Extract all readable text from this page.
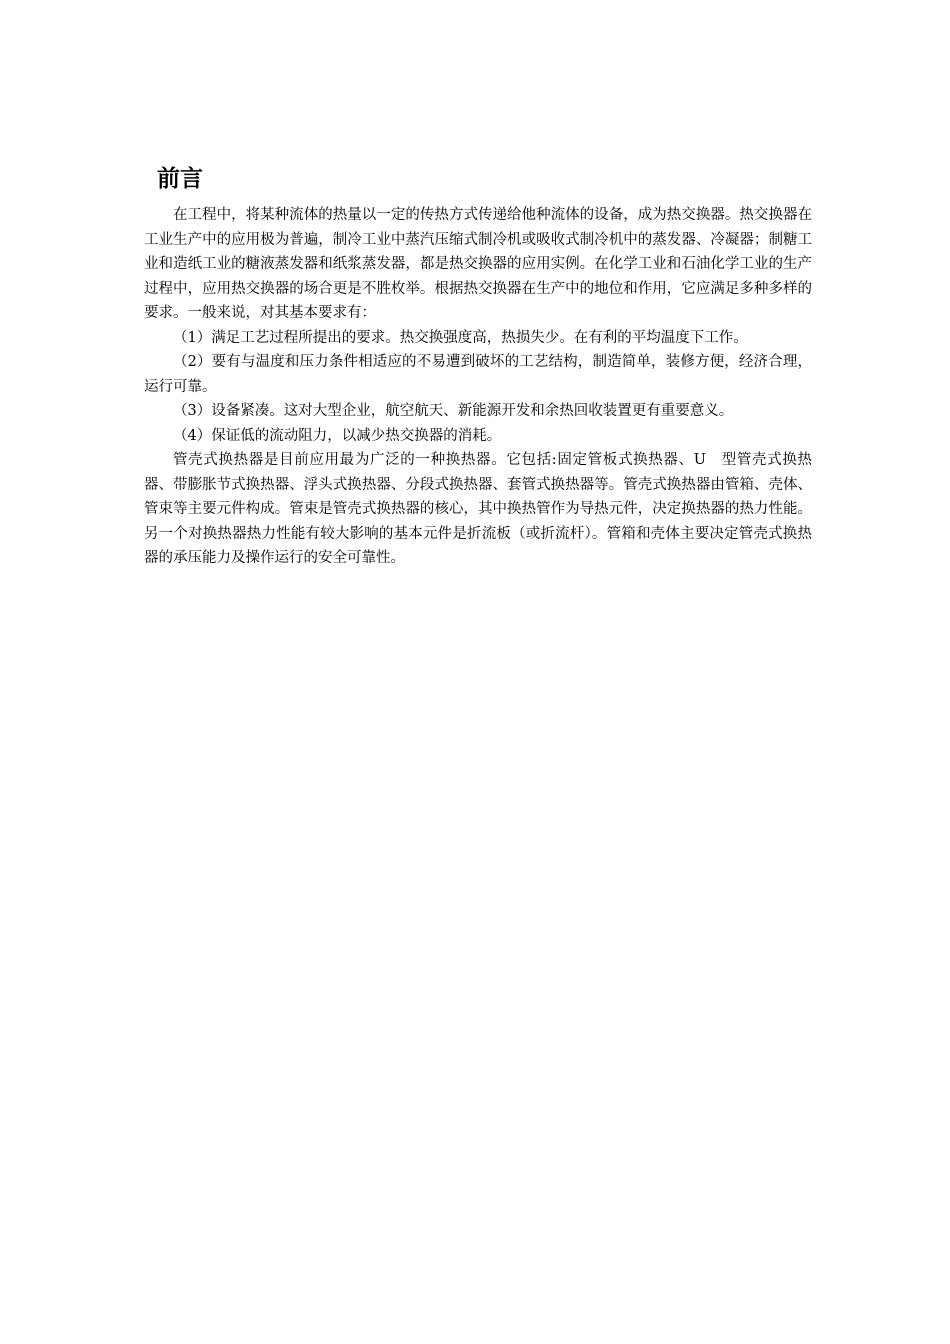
前言

在工程中，将某种流体的热量以一定的传热方式传递给他种流体的设备，成为热交换器。热交换器在工业生产中的应用极为普遍，制冷工业中蒸汽压缩式制冷机或吸收式制冷机中的蒸发器、冷凝器；制糖工业和造纸工业的糖液蒸发器和纸浆蒸发器，都是热交换器的应用实例。在化学工业和石油化学工业的生产过程中，应用热交换器的场合更是不胜枚举。根据热交换器在生产中的地位和作用，它应满足多种多样的要求。一般来说，对其基本要求有：

（1）满足工艺过程所提出的要求。热交换强度高，热损失少。在有利的平均温度下工作。

（2）要有与温度和压力条件相适应的不易遭到破坏的工艺结构，制造简单，装修方便，经济合理，运行可靠。

（3）设备紧凑。这对大型企业，航空航天、新能源开发和余热回收装置更有重要意义。

（4）保证低的流动阻力，以减少热交换器的消耗。

管壳式换热器是目前应用最为广泛的一种换热器。它包括:固定管板式换热器、U　型管壳式换热器、带膨胀节式换热器、浮头式换热器、分段式换热器、套管式换热器等。管壳式换热器由管箱、壳体、管束等主要元件构成。管束是管壳式换热器的核心，其中换热管作为导热元件，决定换热器的热力性能。另一个对换热器热力性能有较大影响的基本元件是折流板（或折流杆）。管箱和壳体主要决定管壳式换热器的承压能力及操作运行的安全可靠性。
